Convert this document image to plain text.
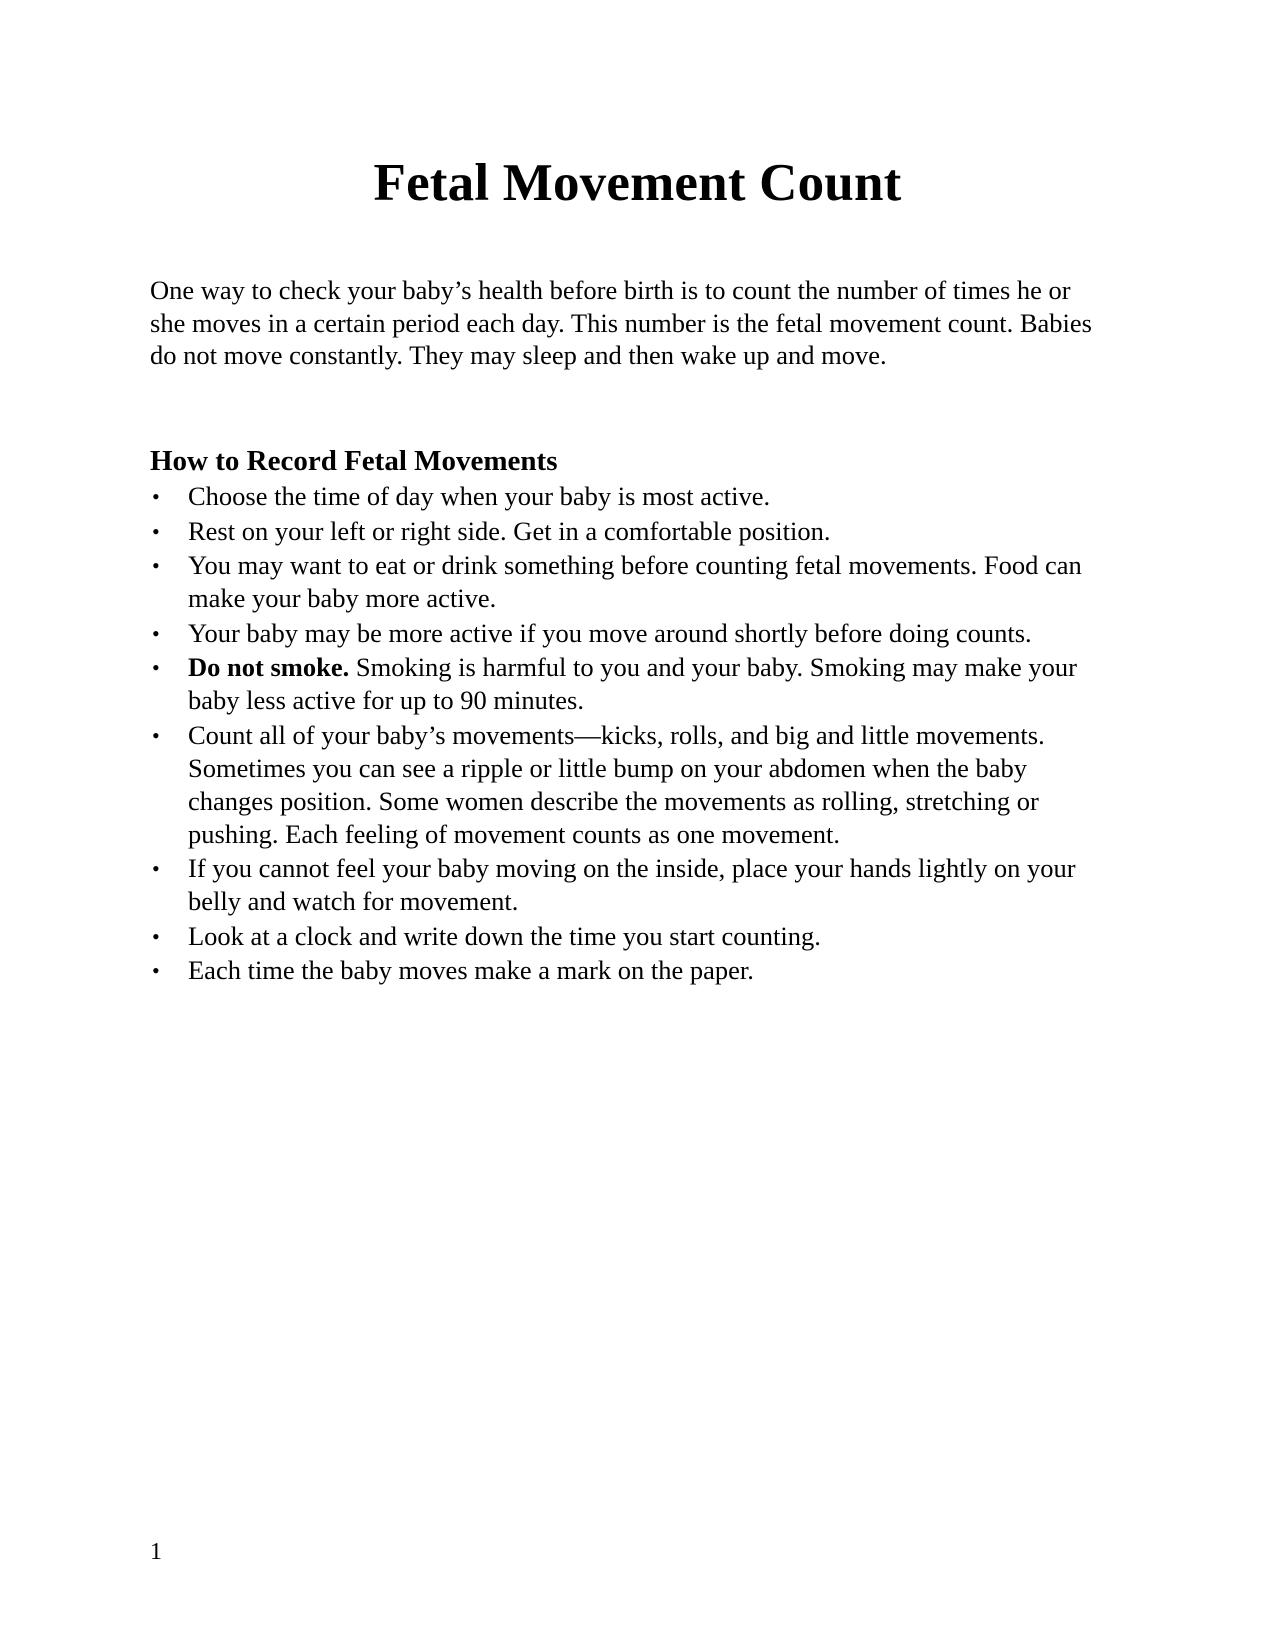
Fetal Movement Count

One way to check your baby’s health before birth is to count the number of times he or she moves in a certain period each day. This number is the fetal movement count. Babies do not move constantly. They may sleep and then wake up and move.

How to Record Fetal Movements
• Choose the time of day when your baby is most active.
• Rest on your left or right side. Get in a comfortable position.
• You may want to eat or drink something before counting fetal movements. Food can make your baby more active.
• Your baby may be more active if you move around shortly before doing counts.
• Do not smoke. Smoking is harmful to you and your baby. Smoking may make your baby less active for up to 90 minutes.
• Count all of your baby’s movements—kicks, rolls, and big and little movements. Sometimes you can see a ripple or little bump on your abdomen when the baby changes position. Some women describe the movements as rolling, stretching or pushing. Each feeling of movement counts as one movement.
• If you cannot feel your baby moving on the inside, place your hands lightly on your belly and watch for movement.
• Look at a clock and write down the time you start counting.
• Each time the baby moves make a mark on the paper.
1
